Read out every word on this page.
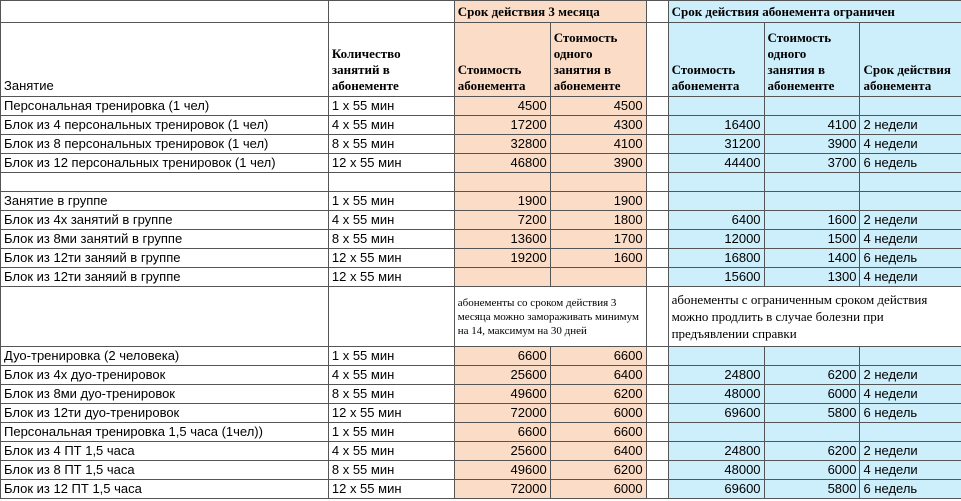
		Срок действия 3 месяца			Срок действия абонемента ограничен		
Занятие	Количество занятий в абонементе	Стоимость абонемента	Стоимость одного занятия в абонементе		Стоимость абонемента	Стоимость одного занятия в абонементе	Срок действия абонемента
Персональная тренировка (1 чел)	1 x 55 мин	4500	4500				
Блок из 4 персональных тренировок (1 чел)	4 x 55 мин	17200	4300		16400	4100	2 недели
Блок из 8 персональных тренировок (1 чел)	8 x 55 мин	32800	4100		31200	3900	4 недели
Блок из 12 персональных тренировок (1 чел)	12 x 55 мин	46800	3900		44400	3700	6 недель

Занятие в группе	1 x 55 мин	1900	1900				
Блок из 4х занятий в группе	4 x 55 мин	7200	1800		6400	1600	2 недели
Блок из 8ми занятий в группе	8 x 55 мин	13600	1700		12000	1500	4 недели
Блок из 12ти заняий в группе	12 x 55 мин	19200	1600		16800	1400	6 недель
Блок из 12ти заняий в группе	12 x 55 мин				15600	1300	4 недели
		абонементы со сроком действия 3 месяца можно замораживать минимум на 14, максимум на 30 дней			абонементы с ограниченным сроком действия можно продлить в случае болезни при предъявлении справки		
Дуо-тренировка (2 человека)	1 x 55 мин	6600	6600				
Блок из 4х дуо-тренировок	4 x 55 мин	25600	6400		24800	6200	2 недели
Блок из 8ми дуо-тренировок	8 x 55 мин	49600	6200		48000	6000	4 недели
Блок из 12ти дуо-тренировок	12 x 55 мин	72000	6000		69600	5800	6 недель
Персональная тренировка 1,5 часа (1чел))	1 x 55 мин	6600	6600				
Блок из 4 ПТ 1,5 часа	4 x 55 мин	25600	6400		24800	6200	2 недели
Блок из 8 ПТ 1,5 часа	8 x 55 мин	49600	6200		48000	6000	4 недели
Блок из 12 ПТ 1,5 часа	12 x 55 мин	72000	6000		69600	5800	6 недель
